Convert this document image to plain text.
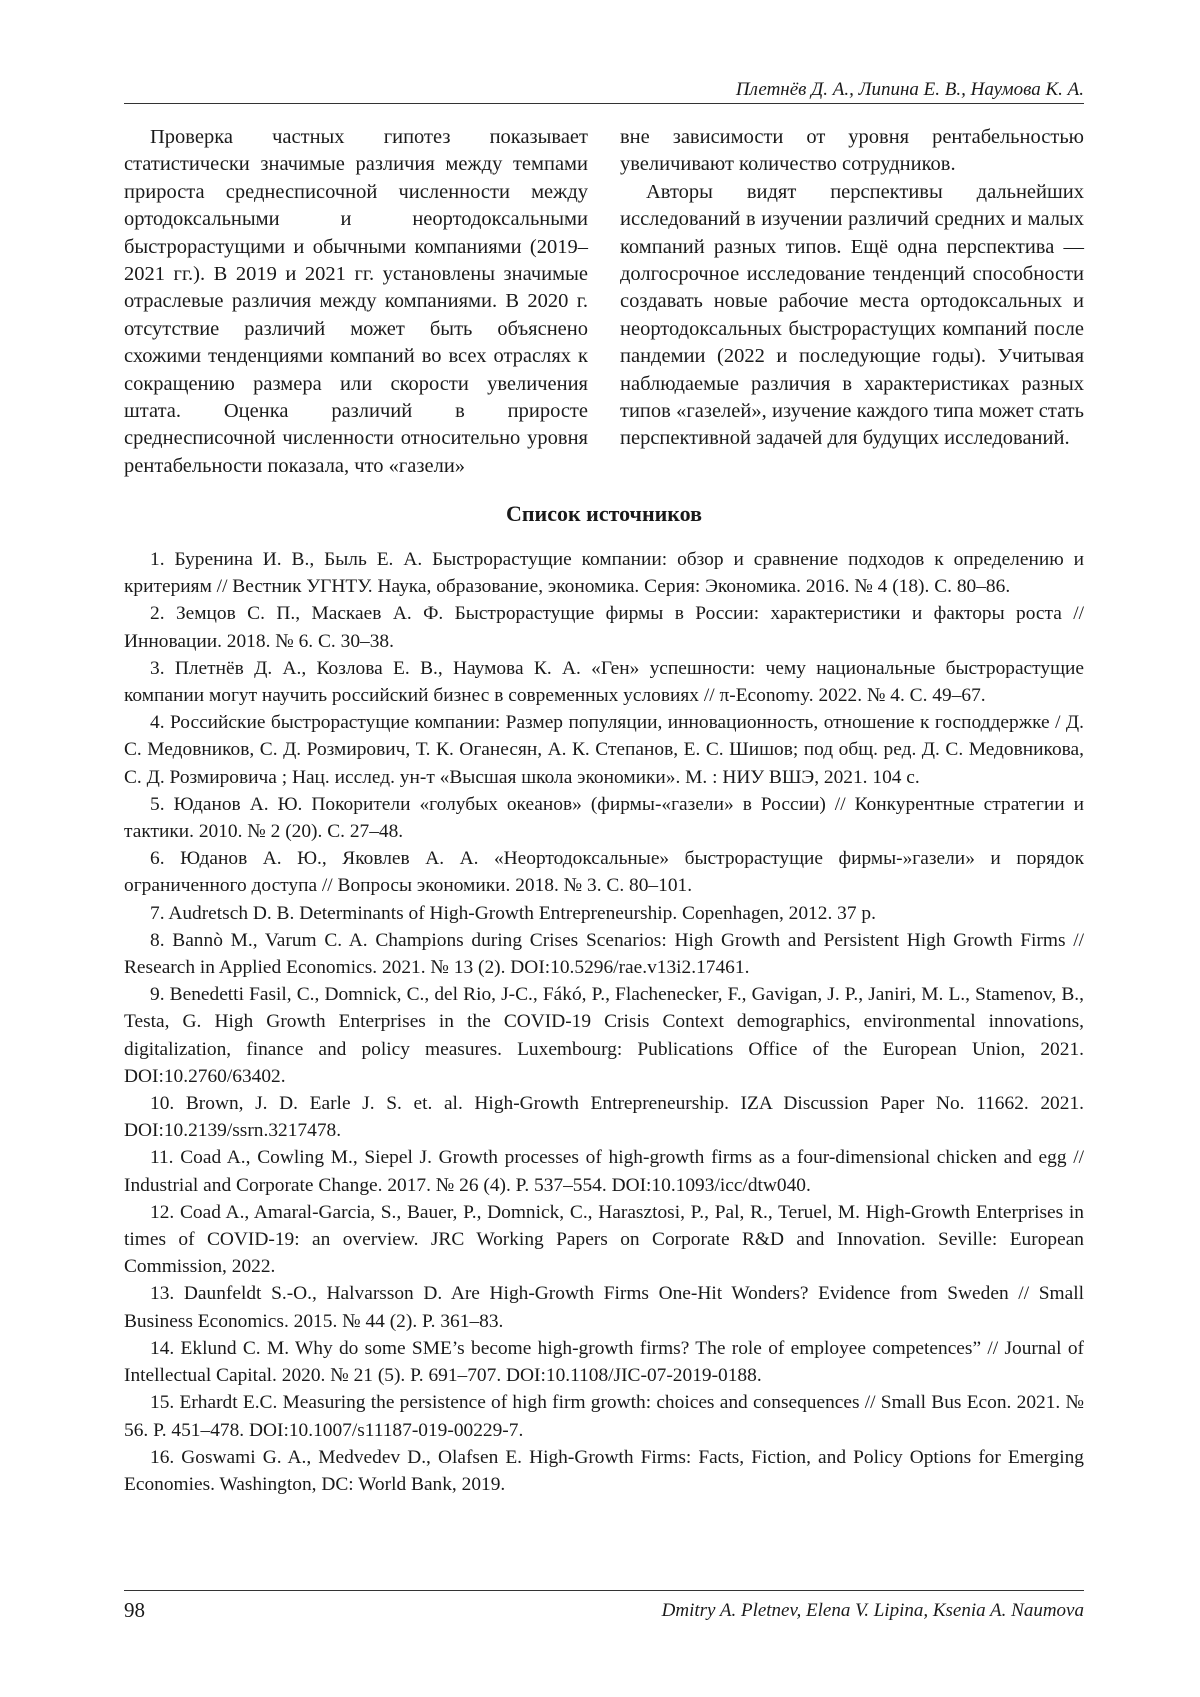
Плетнёв Д. А., Липина Е. В., Наумова К. А.

Проверка частных гипотез показывает статистически значимые различия между темпами прироста среднесписочной численности между ортодоксальными и неортодоксальными быстрорастущими и обычными компаниями (2019–2021 гг.). В 2019 и 2021 гг. установлены значимые отраслевые различия между компаниями. В 2020 г. отсутствие различий может быть объяснено схожими тенденциями компаний во всех отраслях к сокращению размера или скорости увеличения штата. Оценка различий в приросте среднесписочной численности относительно уровня рентабельности показала, что «газели»

вне зависимости от уровня рентабельностью увеличивают количество сотрудников.

Авторы видят перспективы дальнейших исследований в изучении различий средних и малых компаний разных типов. Ещё одна перспектива — долгосрочное исследование тенденций способности создавать новые рабочие места ортодоксальных и неортодоксальных быстрорастущих компаний после пандемии (2022 и последующие годы). Учитывая наблюдаемые различия в характеристиках разных типов «газелей», изучение каждого типа может стать перспективной задачей для будущих исследований.

Список источников
1. Буренина И. В., Быль Е. А. Быстрорастущие компании: обзор и сравнение подходов к определению и критериям // Вестник УГНТУ. Наука, образование, экономика. Серия: Экономика. 2016. № 4 (18). С. 80–86.
2. Земцов С. П., Маскаев А. Ф. Быстрорастущие фирмы в России: характеристики и факторы роста // Инновации. 2018. № 6. С. 30–38.
3. Плетнёв Д. А., Козлова Е. В., Наумова К. А. «Ген» успешности: чему национальные быстрорастущие компании могут научить российский бизнес в современных условиях // π-Economy. 2022. № 4. С. 49–67.
4. Российские быстрорастущие компании: Размер популяции, инновационность, отношение к господдержке / Д. С. Медовников, С. Д. Розмирович, Т. К. Оганесян, А. К. Степанов, Е. С. Шишов; под общ. ред. Д. С. Медовникова, С. Д. Розмировича ; Нац. исслед. ун-т «Высшая школа экономики». М. : НИУ ВШЭ, 2021. 104 с.
5. Юданов А. Ю. Покорители «голубых океанов» (фирмы-«газели» в России) // Конкурентные стратегии и тактики. 2010. № 2 (20). С. 27–48.
6. Юданов А. Ю., Яковлев А. А. «Неортодоксальные» быстрорастущие фирмы-»газели» и порядок ограниченного доступа // Вопросы экономики. 2018. № 3. С. 80–101.
7. Audretsch D. B. Determinants of High-Growth Entrepreneurship. Copenhagen, 2012. 37 p.
8. Bannò M., Varum C. A. Champions during Crises Scenarios: High Growth and Persistent High Growth Firms // Research in Applied Economics. 2021. № 13 (2). DOI:10.5296/rae.v13i2.17461.
9. Benedetti Fasil, C., Domnick, C., del Rio, J-C., Fákó, P., Flachenecker, F., Gavigan, J. P., Janiri, M. L., Stamenov, B., Testa, G. High Growth Enterprises in the COVID-19 Crisis Context demographics, environmental innovations, digitalization, finance and policy measures. Luxembourg: Publications Office of the European Union, 2021. DOI:10.2760/63402.
10. Brown, J. D. Earle J. S. et. al. High-Growth Entrepreneurship. IZA Discussion Paper No. 11662. 2021. DOI:10.2139/ssrn.3217478.
11. Coad A., Cowling M., Siepel J. Growth processes of high-growth firms as a four-dimensional chicken and egg // Industrial and Corporate Change. 2017. № 26 (4). P. 537–554. DOI:10.1093/icc/dtw040.
12. Coad A., Amaral-Garcia, S., Bauer, P., Domnick, C., Harasztosi, P., Pal, R., Teruel, M. High-Growth Enterprises in times of COVID-19: an overview. JRC Working Papers on Corporate R&D and Innovation. Seville: European Commission, 2022.
13. Daunfeldt S.-O., Halvarsson D. Are High-Growth Firms One-Hit Wonders? Evidence from Sweden // Small Business Economics. 2015. № 44 (2). P. 361–83.
14. Eklund C. M. Why do some SME’s become high-growth firms? The role of employee competences” // Journal of Intellectual Capital. 2020. № 21 (5). P. 691–707. DOI:10.1108/JIC-07-2019-0188.
15. Erhardt E.C. Measuring the persistence of high firm growth: choices and consequences // Small Bus Econ. 2021. № 56. P. 451–478. DOI:10.1007/s11187-019-00229-7.
16. Goswami G. A., Medvedev D., Olafsen E. High-Growth Firms: Facts, Fiction, and Policy Options for Emerging Economies. Washington, DC: World Bank, 2019.
98	Dmitry A. Pletnev, Elena V. Lipina, Ksenia A. Naumova
